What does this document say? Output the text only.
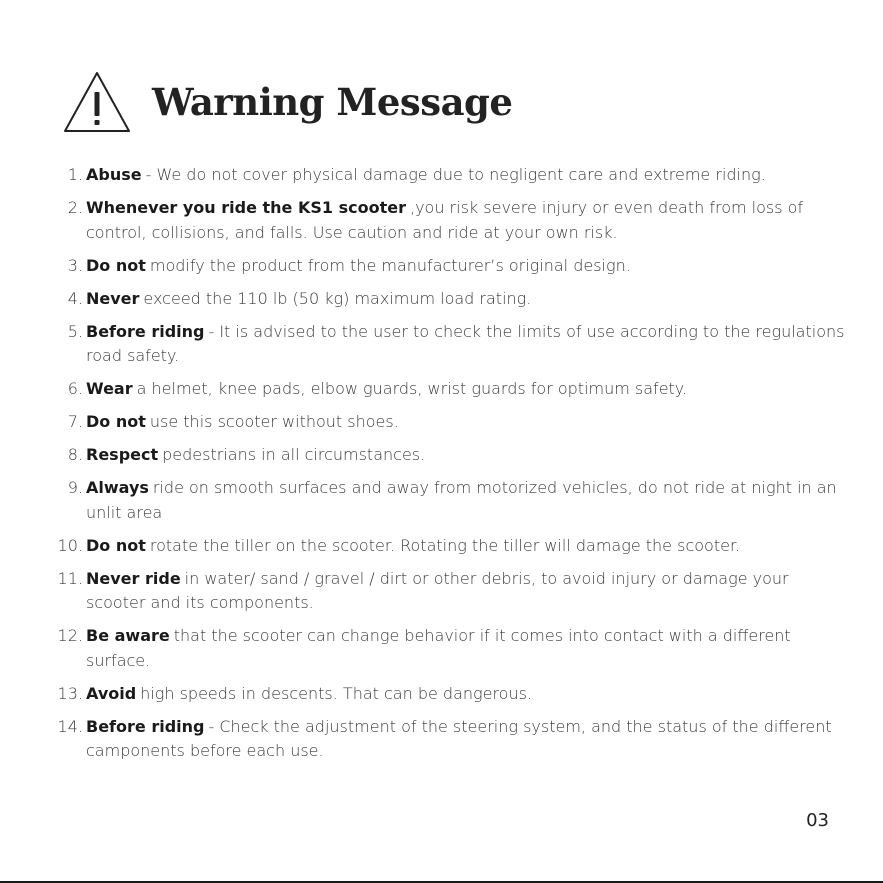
Warning Message
1. Abuse - We do not cover physical damage due to negligent care and extreme riding.
2. Whenever you ride the KS1 scooter ,you risk severe injury or even death from loss of control, collisions, and falls. Use caution and ride at your own risk.
3. Do not modify the product from the manufacturer’s original design.
4. Never exceed the 110 lb (50 kg) maximum load rating.
5. Before riding - It is advised to the user to check the limits of use according to the regulations road safety.
6. Wear a helmet, knee pads, elbow guards, wrist guards for optimum safety.
7. Do not use this scooter without shoes.
8. Respect pedestrians in all circumstances.
9. Always ride on smooth surfaces and away from motorized vehicles, do not ride at night in an unlit area
10. Do not rotate the tiller on the scooter. Rotating the tiller will damage the scooter.
11. Never ride in water/ sand / gravel / dirt or other debris, to avoid injury or damage your scooter and its components.
12. Be aware that the scooter can change behavior if it comes into contact with a different surface.
13. Avoid high speeds in descents. That can be dangerous.
14. Before riding - Check the adjustment of the steering system, and the status of the different camponents before each use.
03
